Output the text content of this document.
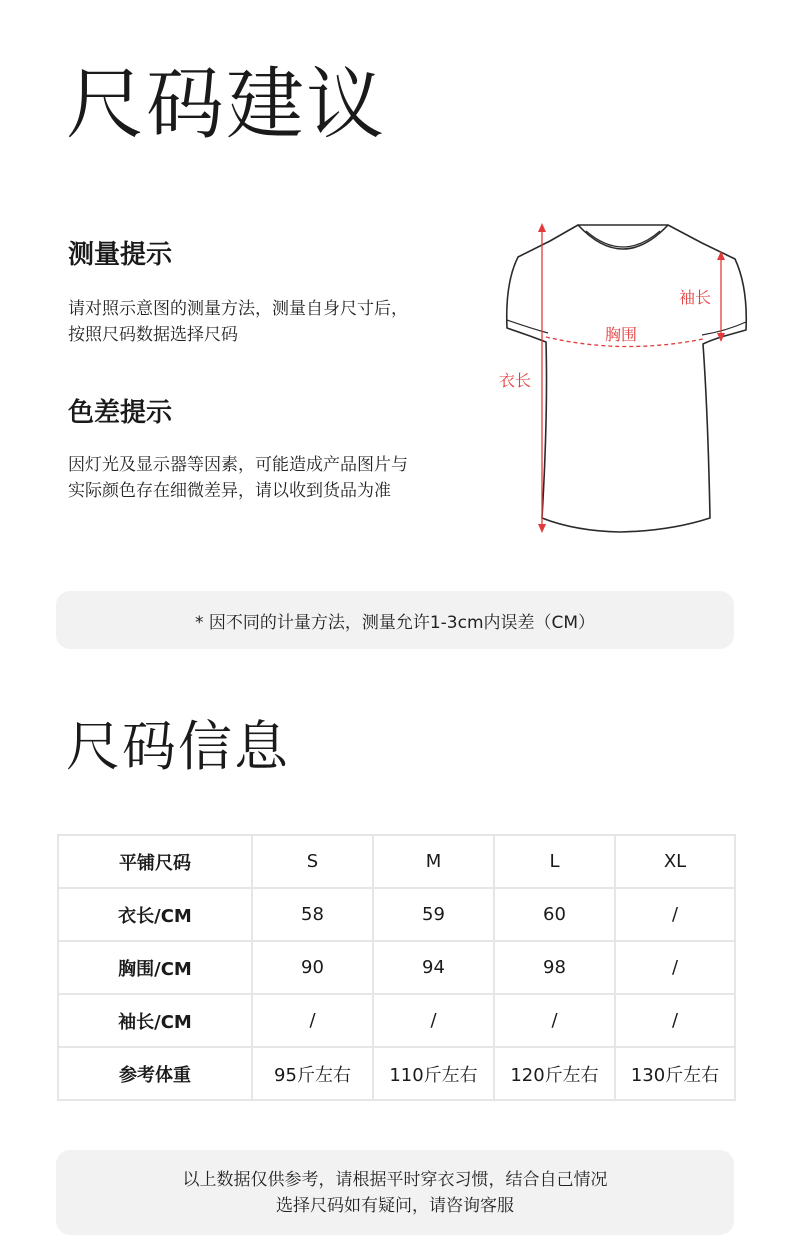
尺码建议
测量提示

请对照示意图的测量方法，测量自身尺寸后，

按照尺码数据选择尺码

色差提示

因灯光及显示器等因素，可能造成产品图片与

实际颜色存在细微差异，请以收到货品为准

袖长
胸围
衣长
* 因不同的计量方法，测量允许1-3cm内误差（CM）
尺码信息
平铺尺码	S	M	L	XL
衣长/CM	58	59	60	/
胸围/CM	90	94	98	/
袖长/CM	/	/	/	/
参考体重	95斤左右	110斤左右	120斤左右	130斤左右
以上数据仅供参考，请根据平时穿衣习惯，结合自己情况
选择尺码如有疑问，请咨询客服
